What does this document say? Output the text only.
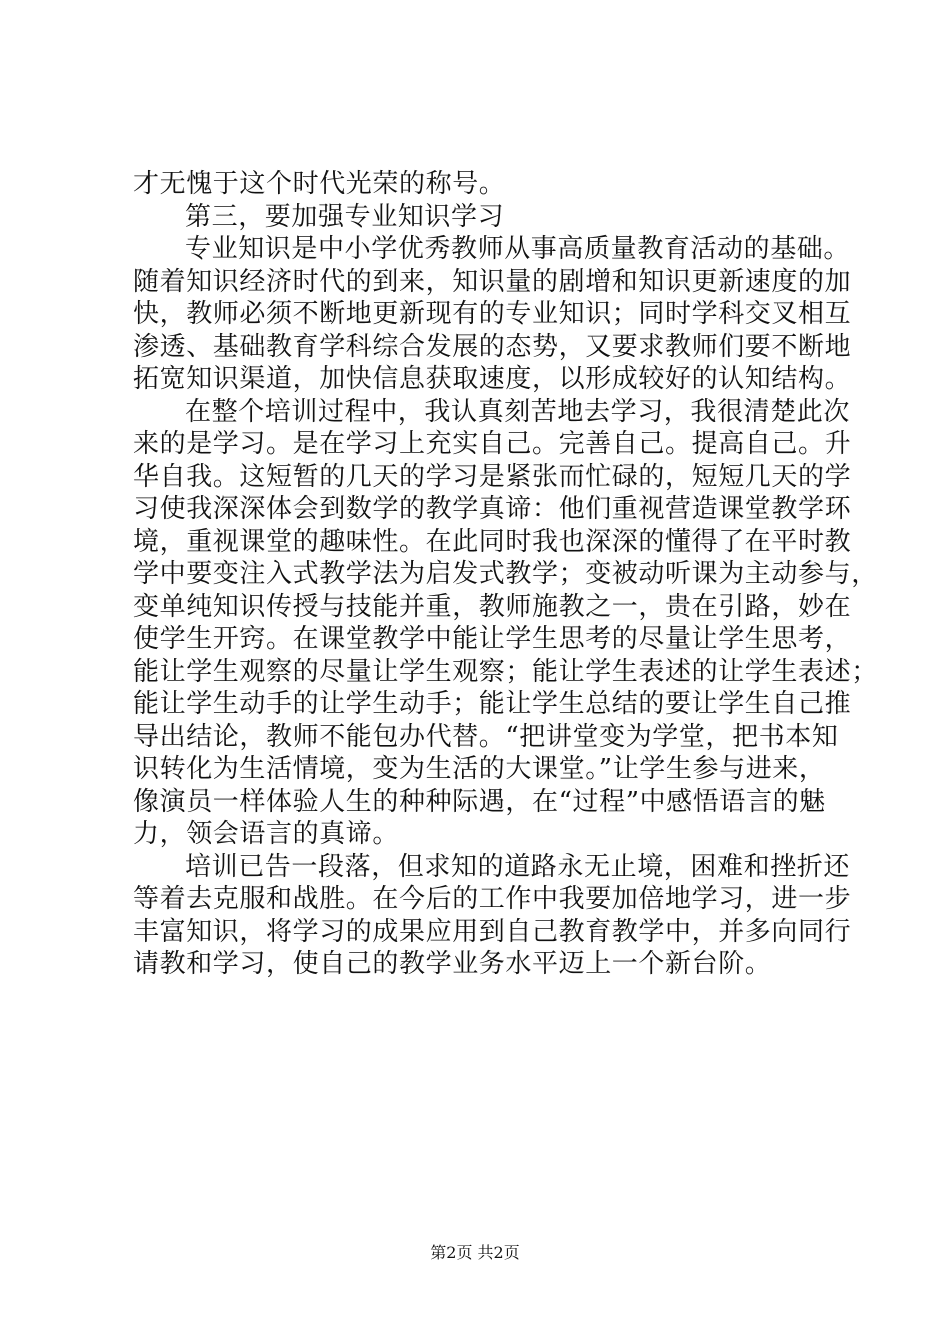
才无愧于这个时代光荣的称号。
第三，要加强专业知识学习
专业知识是中小学优秀教师从事高质量教育活动的基础。
随着知识经济时代的到来，知识量的剧增和知识更新速度的加
快，教师必须不断地更新现有的专业知识；同时学科交叉相互
渗透、基础教育学科综合发展的态势，又要求教师们要不断地
拓宽知识渠道，加快信息获取速度，以形成较好的认知结构。
在整个培训过程中，我认真刻苦地去学习，我很清楚此次
来的是学习。是在学习上充实自己。完善自己。提高自己。升
华自我。这短暂的几天的学习是紧张而忙碌的，短短几天的学
习使我深深体会到数学的教学真谛：他们重视营造课堂教学环
境，重视课堂的趣味性。在此同时我也深深的懂得了在平时教
学中要变注入式教学法为启发式教学；变被动听课为主动参与，
变单纯知识传授与技能并重，教师施教之一，贵在引路，妙在
使学生开窍。在课堂教学中能让学生思考的尽量让学生思考，
能让学生观察的尽量让学生观察；能让学生表述的让学生表述；
能让学生动手的让学生动手；能让学生总结的要让学生自己推
导出结论，教师不能包办代替。“把讲堂变为学堂，把书本知
识转化为生活情境，变为生活的大课堂。”让学生参与进来，
像演员一样体验人生的种种际遇，在“过程”中感悟语言的魅
力，领会语言的真谛。
培训已告一段落，但求知的道路永无止境，困难和挫折还
等着去克服和战胜。在今后的工作中我要加倍地学习，进一步
丰富知识，将学习的成果应用到自己教育教学中，并多向同行
请教和学习，使自己的教学业务水平迈上一个新台阶。
第2页 共2页
